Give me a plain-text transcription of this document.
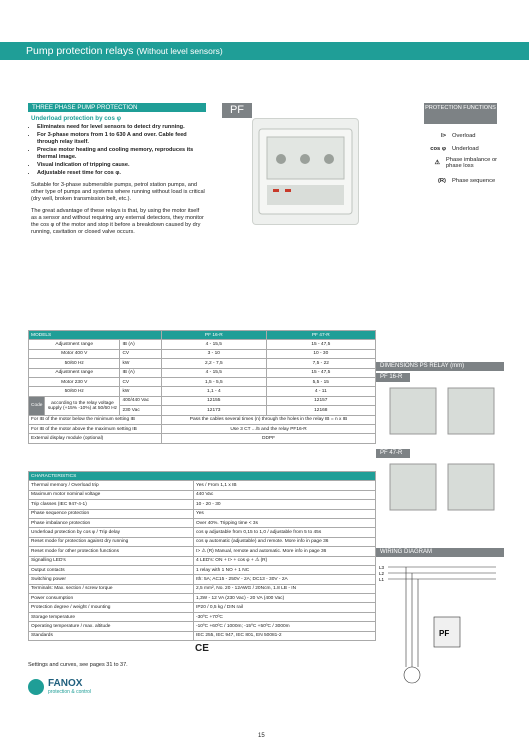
Pump protection relays (Without level sensors)
THREE PHASE PUMP PROTECTION
Underload protection by cos φ
• Eliminates need for level sensors to detect dry running.
• For 3-phase motors from 1 to 630 A and over. Cable feed through relay itself.
• Precise motor heating and cooling memory, reproduces its thermal image.
• Visual indication of tripping cause.
• Adjustable reset time for cos φ.

Suitable for 3-phase submersible pumps, petrol station pumps, and other type of pumps and systems where running without load is critical (dry well, broken transmission belt, etc.).

The great advantage of these relays is that, by using the motor itself as a sensor and without requiring any external detectors, they monitor the cos φ of the motor and stop it before a breakdown caused by dry running, cavitation or closed valve occurs.

PF	PROTECTION FUNCTIONS
I>	Overload
cos φ	Underload
⚠	Phase imbalance or phase loss
(R)	Phase sequence
MODELS			PF 16-R	PF 47-R
Adjustment range		IB (A)	4 - 15,5	15 - 47,5
Motor 400 V		CV	3 - 10	10 - 30
50/60 Hz		kW	2,2 - 7,5	7,5 - 22
Adjustment range		IB (A)	4 - 15,5	15 - 47,5
Motor 230 V		CV	1,5 - 5,5	5,5 - 15
50/60 Hz		kW	1,1 - 4	4 - 11
Code	according to the relay voltage supply (+15% -10%) at 50/60 Hz	400/440 Vac	12155	12157
		230 Vac	12173	12168
For IB of the motor below the minimum setting IB			Pass the cables several times (n) through the holes in the relay IB = n x IB	
For IB of the motor above the maximum setting IB			Use 3 CT .../5 and the relay PF16-R	
External display module (optional)			DDPF	
CHARACTERISTICS	
Thermal memory / Overload trip	Yes / From 1,1 x IB
Maximum motor nominal voltage	440 Vac
Trip classes (IEC 947-4-1)	10 - 20 - 30
Phase sequence protection	Yes
Phase imbalance protection	Over 40%. Tripping time < 3s
Underload protection by cos φ / Trip delay	cos φ adjustable from 0,15 to 1,0 / adjustable from 5 to 45s
Reset mode for protection against dry running	cos φ automatic (adjustable) and remote. More info in page 36
Reset mode for other protection functions	I> ⚠ (R) Manual, remote and automatic. More info in page 36
Signalling LED's	4 LED's: ON + I> + cos φ + ⚠ (R)
Output contacts	1 relay with 1 NO + 1 NC
Switching power	Ith: 5A; AC15 - 250V - 2A; DC13 - 30V - 2A
Terminals: Max. section / screw torque	2,5 mm², No. 20 - 12AWG / 20Ncm, 1.8 LB - IN
Power consumption	1,3W - 12 VA (230 Vac) - 20 VA (400 Vac)
Protection degree / weight / mounting	IP20 / 0,5 kg / DIN rail
Storage temperature	-30ºC +70ºC
Operating temperature / max. altitude	-10ºC +60ºC / 1000m; -15ºC +50ºC / 3000m
Standards	IEC 255, IEC 947, IEC 801, EN 50081-2
CE
DIMENSIONS PS RELAY (mm)
PF 16-R
PF 47-R
WIRING DIAGRAM
L3
L2
L1
PF
Settings and curves, see pages 31 to 37.
FANOX
protection & control
15
